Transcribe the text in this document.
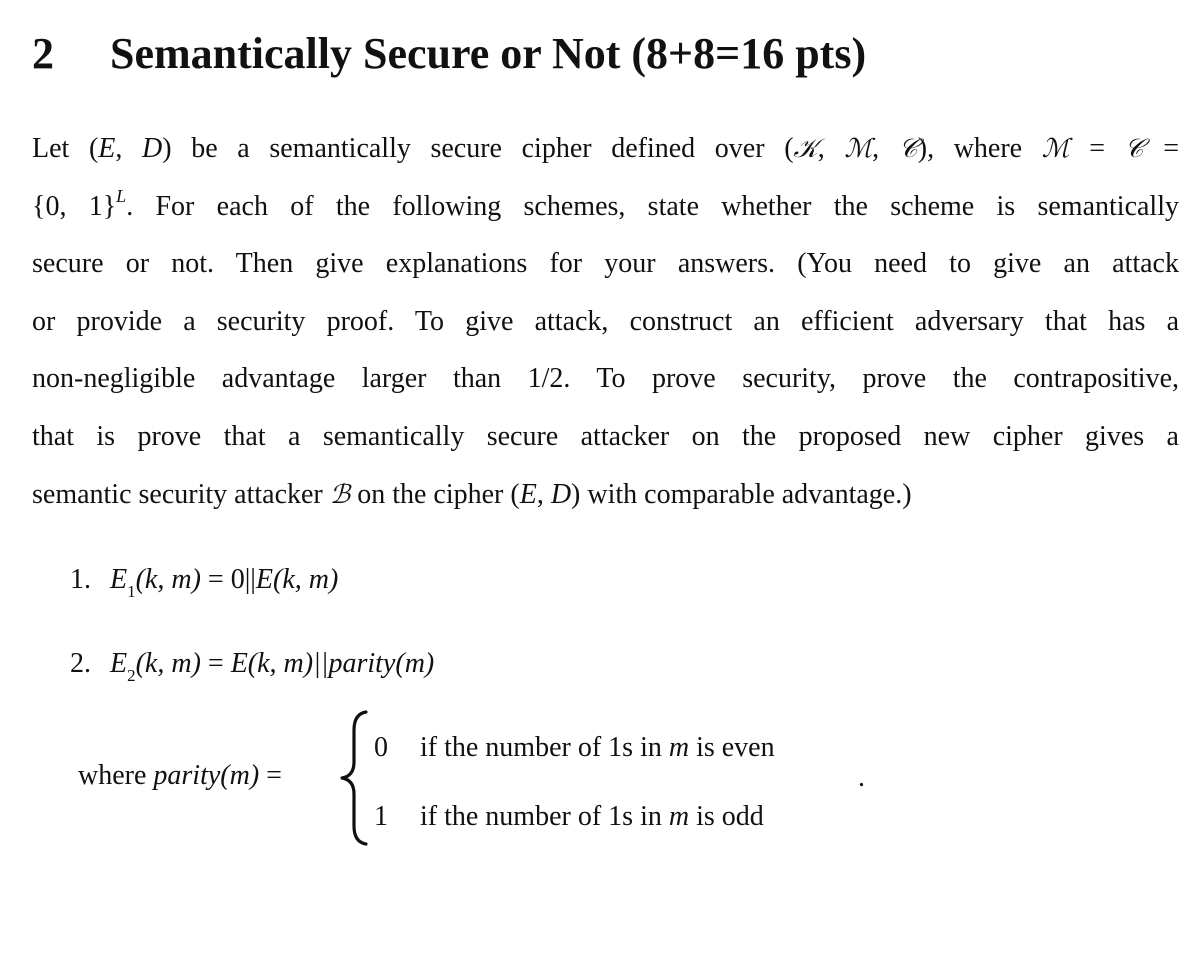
2 Semantically Secure or Not (8+8=16 pts)
Let (E, D) be a semantically secure cipher defined over (𝒦, ℳ, 𝒞), where ℳ = 𝒞 =
{0, 1}$^L$. For each of the following schemes, state whether the scheme is semantically
secure or not. Then give explanations for your answers. (You need to give an attack
or provide a security proof. To give attack, construct an efficient adversary that has a
non-negligible advantage larger than 1/2. To prove security, prove the contrapositive,
that is prove that a semantically secure attacker on the proposed new cipher gives a
semantic security attacker ℬ on the cipher (E, D) with comparable advantage.)
1. $E_1(k$, m) = 0||E(k, m)
2. $E_2(k$, m) = E(k, m)||parity(m)
where parity(m) =
0 if the number of 1s in m is even
1 if the number of 1s in m is odd
.
